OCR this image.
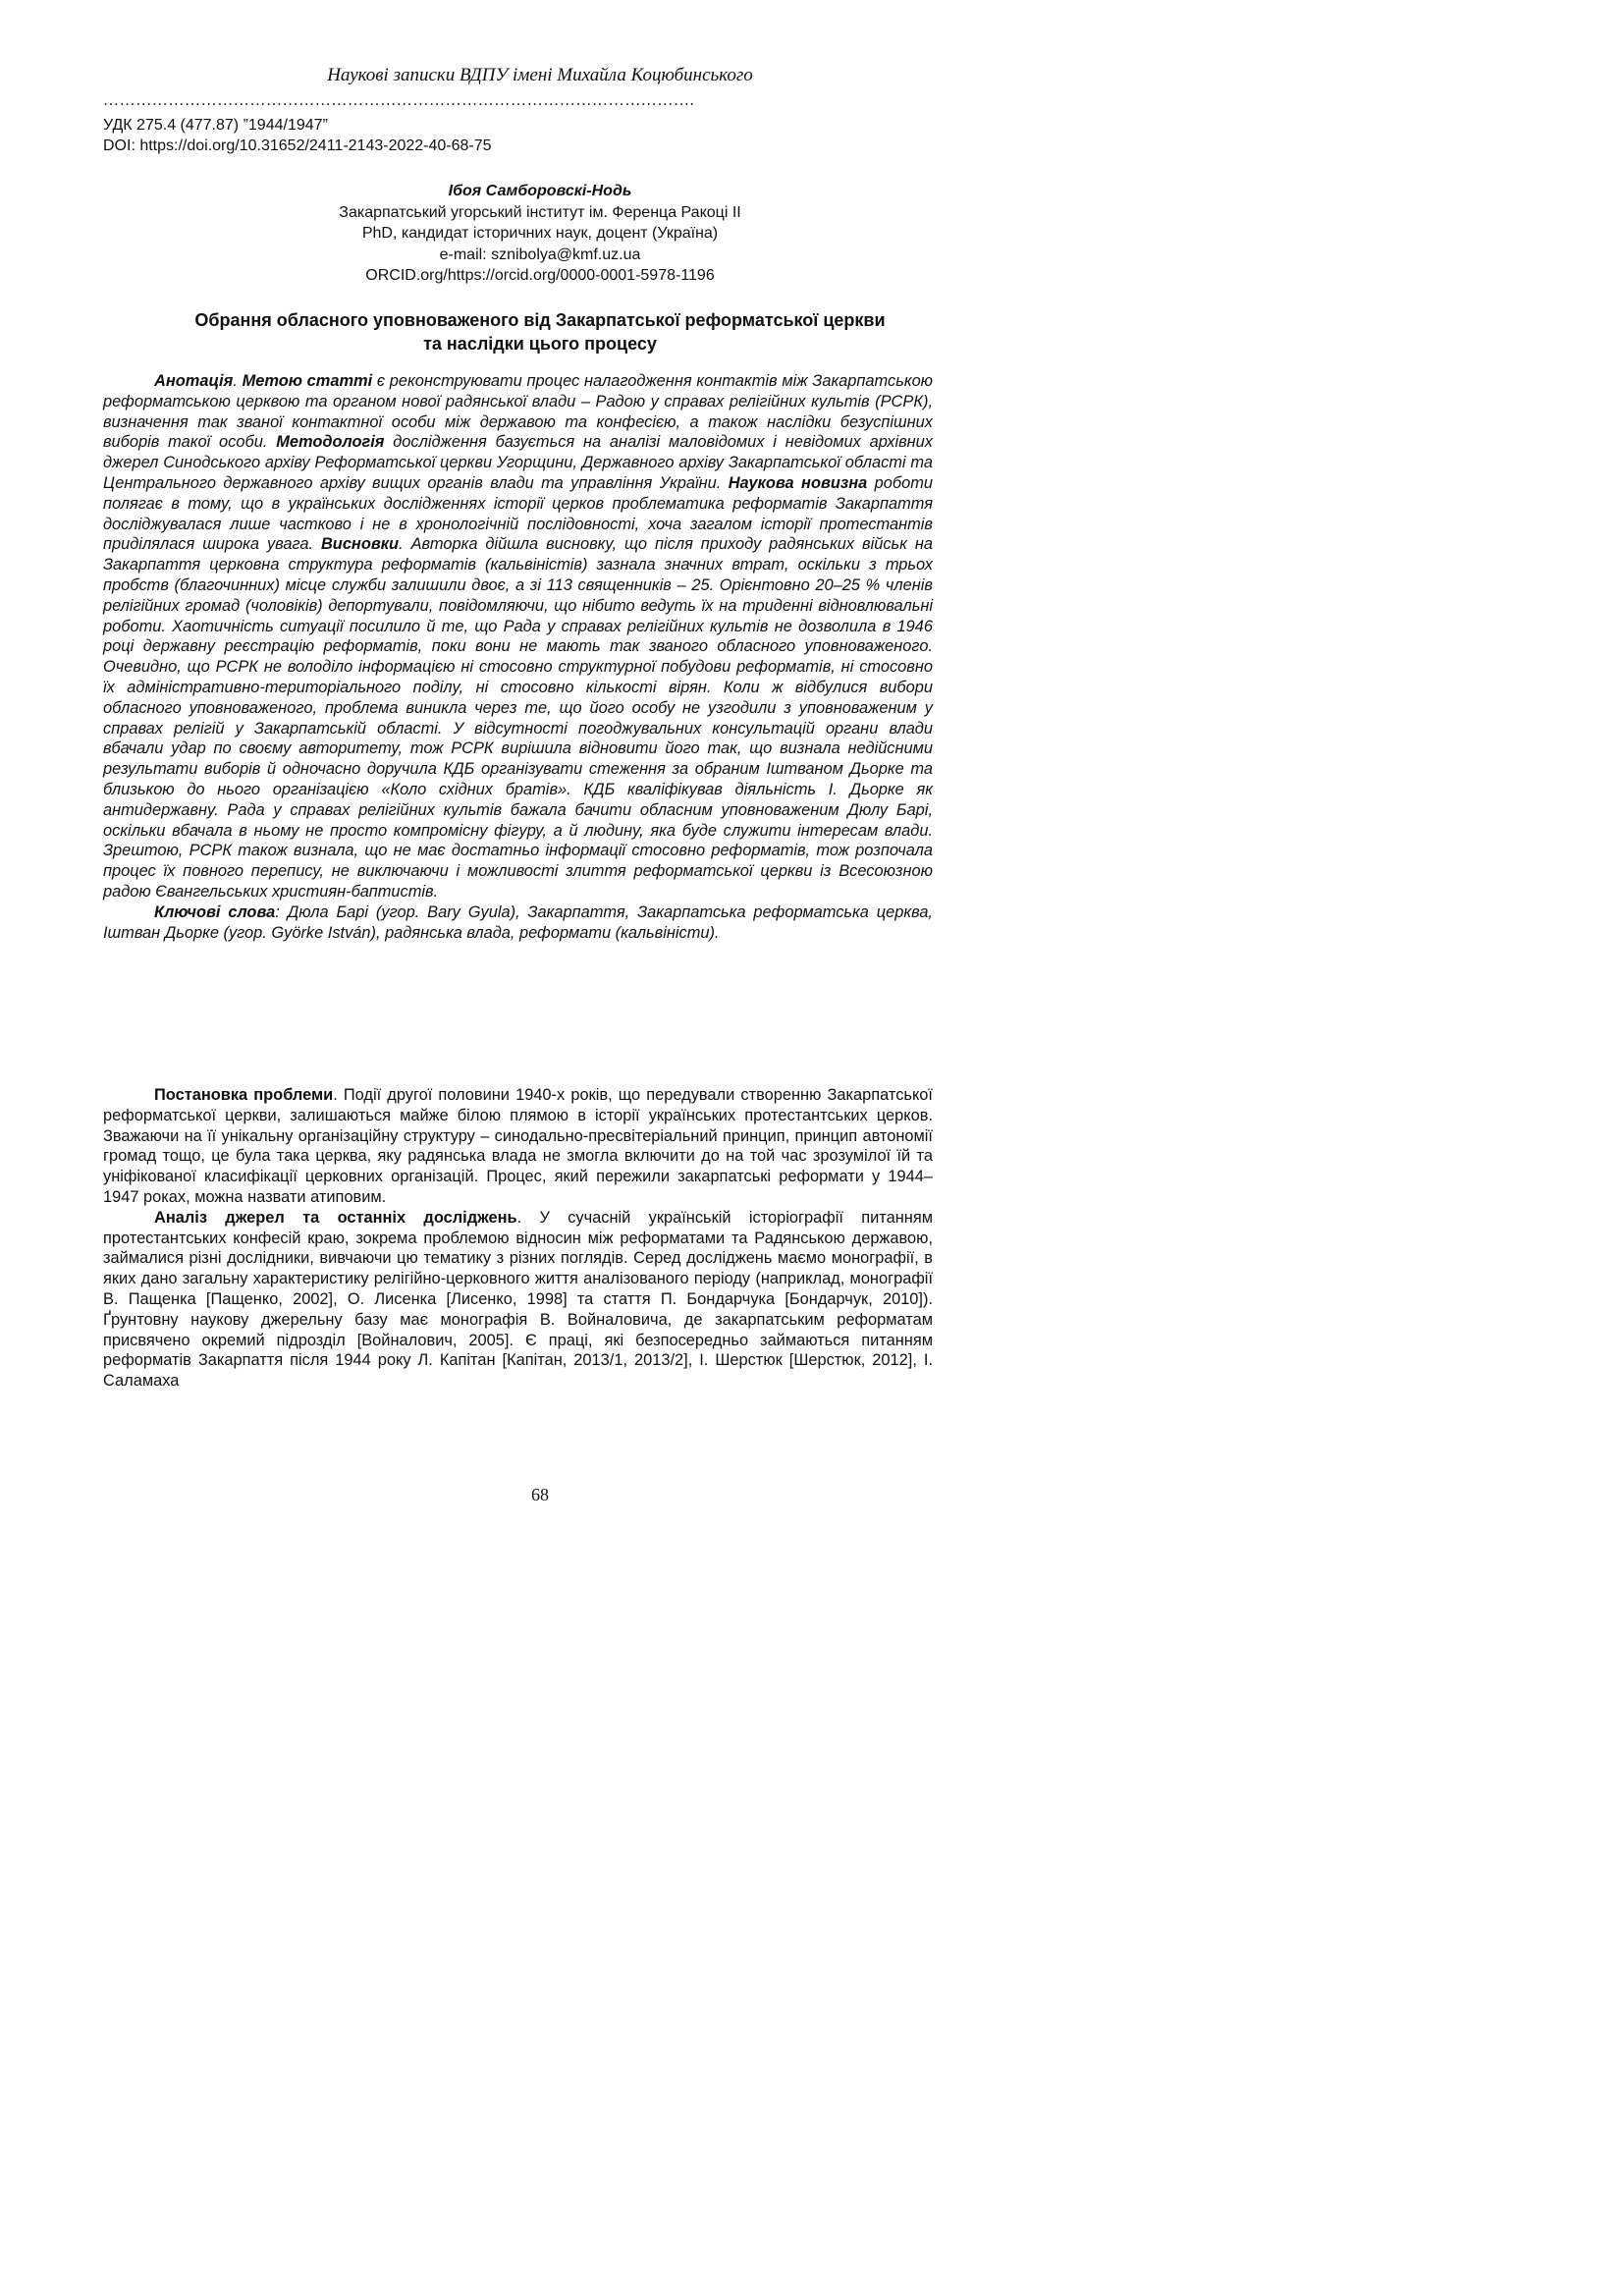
Наукові записки ВДПУ імені Михайла Коцюбинського
……………………………………………………………………………………………….
УДК 275.4 (477.87) ”1944/1947”
DOI: https://doi.org/10.31652/2411-2143-2022-40-68-75
Ібоя Самборовскі-Нодь
Закарпатський угорський інститут ім. Ференца Ракоці ІІ
PhD, кандидат історичних наук, доцент (Україна)
e-mail: sznibolya@kmf.uz.ua
ORCID.org/https://orcid.org/0000-0001-5978-1196
Обрання обласного уповноваженого від Закарпатської реформатської церкви
та наслідки цього процесу

Анотація. Метою статті є реконструювати процес налагодження контактів між Закарпатською реформатською церквою та органом нової радянської влади – Радою у справах релігійних культів (РСРК), визначення так званої контактної особи між державою та конфесією, а також наслідки безуспішних виборів такої особи. Методологія дослідження базується на аналізі маловідомих і невідомих архівних джерел Синодського архіву Реформатської церкви Угорщини, Державного архіву Закарпатської області та Центрального державного архіву вищих органів влади та управління України. Наукова новизна роботи полягає в тому, що в українських дослідженнях історії церков проблематика реформатів Закарпаття досліджувалася лише частково і не в хронологічній послідовності, хоча загалом історії протестантів приділялася широка увага. Висновки. Авторка дійшла висновку, що після приходу радянських військ на Закарпаття церковна структура реформатів (кальвіністів) зазнала значних втрат, оскільки з трьох пробств (благочинних) місце служби залишили двоє, а зі 113 священників – 25. Орієнтовно 20–25 % членів релігійних громад (чоловіків) депортували, повідомляючи, що нібито ведуть їх на триденні відновлювальні роботи. Хаотичність ситуації посилило й те, що Рада у справах релігійних культів не дозволила в 1946 році державну реєстрацію реформатів, поки вони не мають так званого обласного уповноваженого. Очевидно, що РСРК не володіло інформацією ні стосовно структурної побудови реформатів, ні стосовно їх адміністративно-територіального поділу, ні стосовно кількості вірян. Коли ж відбулися вибори обласного уповноваженого, проблема виникла через те, що його особу не узгодили з уповноваженим у справах релігій у Закарпатській області. У відсутності погоджувальних консультацій органи влади вбачали удар по своєму авторитету, тож РСРК вирішила відновити його так, що визнала недійсними результати виборів й одночасно доручила КДБ організувати стеження за обраним Іштваном Дьорке та близькою до нього організацією «Коло східних братів». КДБ кваліфікував діяльність І. Дьорке як антидержавну. Рада у справах релігійних культів бажала бачити обласним уповноваженим Дюлу Барі, оскільки вбачала в ньому не просто компромісну фігуру, а й людину, яка буде служити інтересам влади. Зрештою, РСРК також визнала, що не має достатньо інформації стосовно реформатів, тож розпочала процес їх повного перепису, не виключаючи і можливості злиття реформатської церкви із Всесоюзною радою Євангельських християн-баптистів.

Ключові слова: Дюла Барі (угор. Bary Gyula), Закарпаття, Закарпатська реформатська церква, Іштван Дьорке (угор. Györke István), радянська влада, реформати (кальвіністи).

Постановка проблеми. Події другої половини 1940-х років, що передували створенню Закарпатської реформатської церкви, залишаються майже білою плямою в історії українських протестантських церков. Зважаючи на її унікальну організаційну структуру – синодально-пресвітеріальний принцип, принцип автономії громад тощо, це була така церква, яку радянська влада не змогла включити до на той час зрозумілої їй та уніфікованої класифікації церковних організацій. Процес, який пережили закарпатські реформати у 1944–1947 роках, можна назвати атиповим.

Аналіз джерел та останніх досліджень. У сучасній українській історіографії питанням протестантських конфесій краю, зокрема проблемою відносин між реформатами та Радянською державою, займалися різні дослідники, вивчаючи цю тематику з різних поглядів. Серед досліджень маємо монографії, в яких дано загальну характеристику релігійно-церковного життя аналізованого періоду (наприклад, монографії В. Пащенка [Пащенко, 2002], О. Лисенка [Лисенко, 1998] та стаття П. Бондарчука [Бондарчук, 2010]). Ґрунтовну наукову джерельну базу має монографія В. Войналовича, де закарпатським реформатам присвячено окремий підрозділ [Войналович, 2005]. Є праці, які безпосередньо займаються питанням реформатів Закарпаття після 1944 року Л. Капітан [Капітан, 2013/1, 2013/2], І. Шерстюк [Шерстюк, 2012], І. Саламаха

68
